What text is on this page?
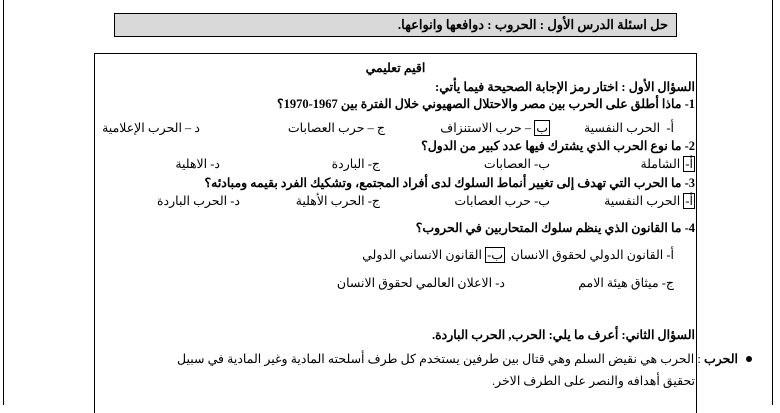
حل اسئلة الدرس الأول : الحروب : دوافعها وانواعها.
اقيم تعليمي
السؤال الأول : اختار رمز الإجابة الصحيحة فيما يأتي:
1- ماذا أطلق على الحرب بين مصر والاحتلال الصهيوني خلال الفترة بين 1967-1970؟
أ-  الحرب النفسية
ب – حرب الاستنزاف
ج – حرب العصابات
د – الحرب الإعلامية
2- ما نوع الحرب الذي يشترك فيها عدد كبير من الدول؟
أ- الشاملة
ب- العصابات
ج- الباردة
د- الاهلية
3- ما الحرب التي تهدف إلى تغيير أنماط السلوك لدى أفراد المجتمع، وتشكيك الفرد بقيمه ومبادئه؟
أ- الحرب النفسية
ب- حرب العصابات
ج- الحرب الأهلية
د- الحرب الباردة
4- ما القانون الذي ينظم سلوك المتحاربين في الحروب؟
أ- القانون الدولي لحقوق الانسان
ب- القانون الانساني الدولي
ج- ميثاق هيئة الامم
د- الاعلان العالمي لحقوق الانسان
السؤال الثاني: أعرف ما يلي: الحرب, الحرب الباردة.
الحرب : الحرب هي نقيض السلم وهي قتال بين طرفين يستخدم كل طرف أسلحته المادية وغير المادية في سبيل
تحقيق أهدافه والنصر على الطرف الاخر.
